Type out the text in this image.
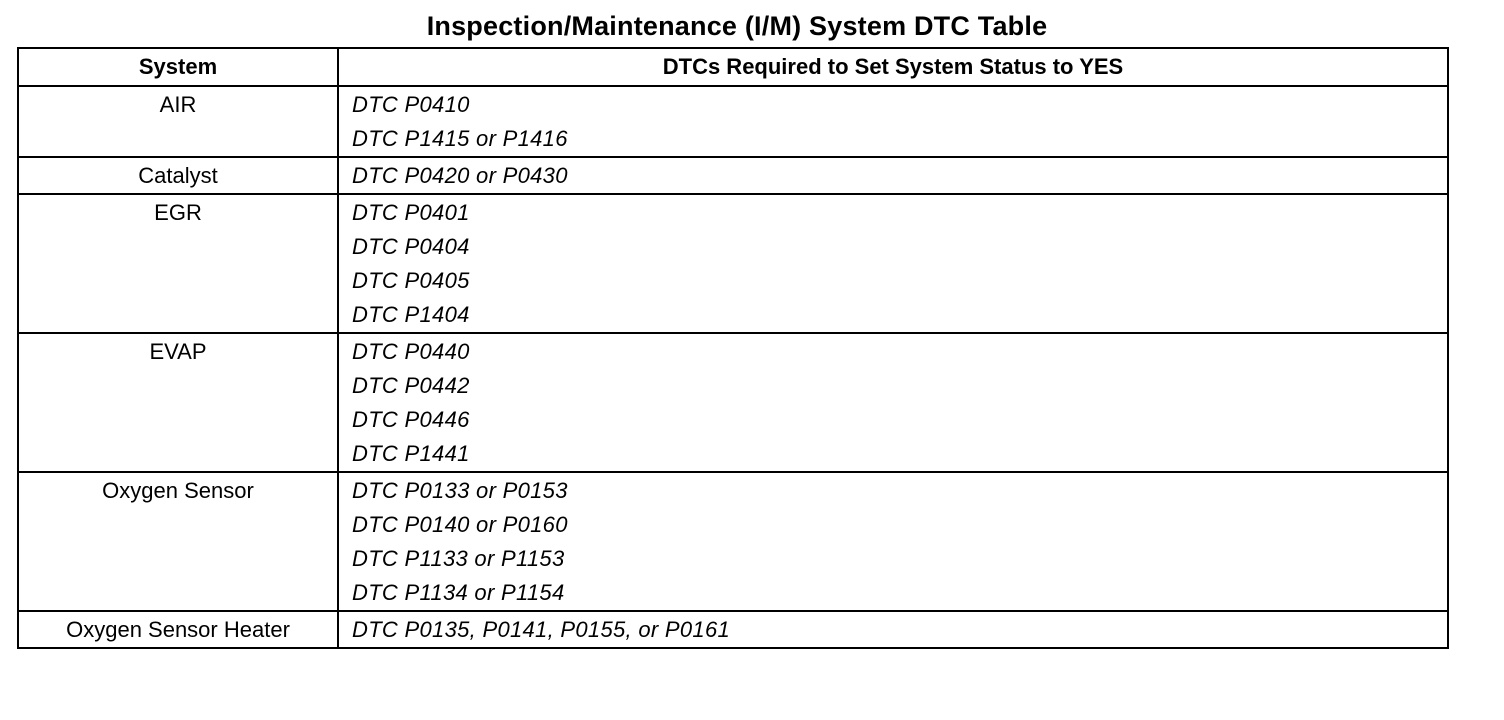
Inspection/Maintenance (I/M) System DTC Table
System	DTCs Required to Set System Status to YES
AIR	DTC P0410
DTC P1415 or P1416

Catalyst	DTC P0420 or P0430

EGR	DTC P0401
DTC P0404
DTC P0405
DTC P1404

EVAP	DTC P0440
DTC P0442
DTC P0446
DTC P1441

Oxygen Sensor	DTC P0133 or P0153
DTC P0140 or P0160
DTC P1133 or P1153
DTC P1134 or P1154

Oxygen Sensor Heater	DTC P0135, P0141, P0155, or P0161
